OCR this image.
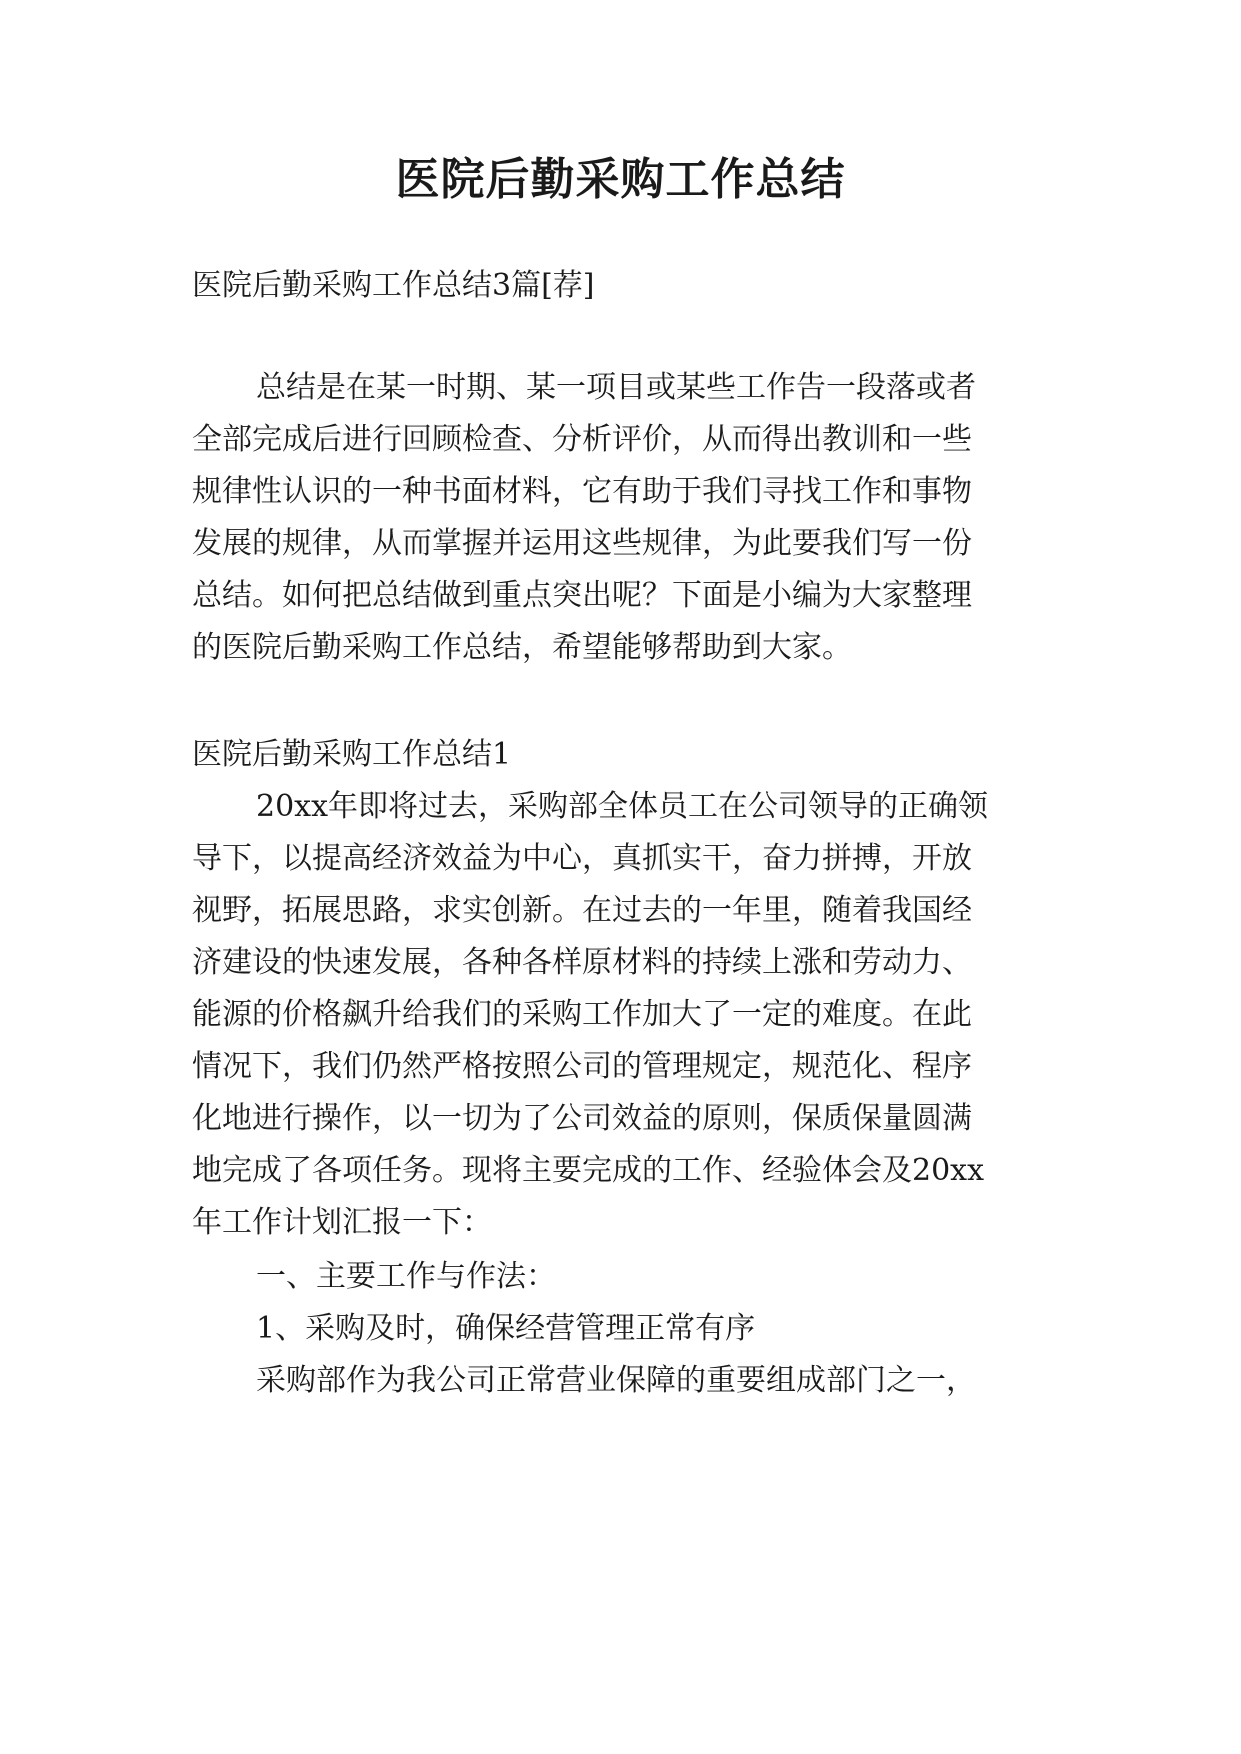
医院后勤采购工作总结

医院后勤采购工作总结3篇[荐]

总结是在某一时期、某一项目或某些工作告一段落或者

全部完成后进行回顾检查、分析评价，从而得出教训和一些

规律性认识的一种书面材料，它有助于我们寻找工作和事物

发展的规律，从而掌握并运用这些规律，为此要我们写一份

总结。如何把总结做到重点突出呢？下面是小编为大家整理

的医院后勤采购工作总结，希望能够帮助到大家。

医院后勤采购工作总结1

20xx年即将过去，采购部全体员工在公司领导的正确领

导下，以提高经济效益为中心，真抓实干，奋力拼搏，开放

视野，拓展思路，求实创新。在过去的一年里，随着我国经

济建设的快速发展，各种各样原材料的持续上涨和劳动力、

能源的价格飙升给我们的采购工作加大了一定的难度。在此

情况下，我们仍然严格按照公司的管理规定，规范化、程序

化地进行操作，以一切为了公司效益的原则，保质保量圆满

地完成了各项任务。现将主要完成的工作、经验体会及20xx

年工作计划汇报一下：

一、主要工作与作法：

1、采购及时，确保经营管理正常有序

采购部作为我公司正常营业保障的重要组成部门之一，
